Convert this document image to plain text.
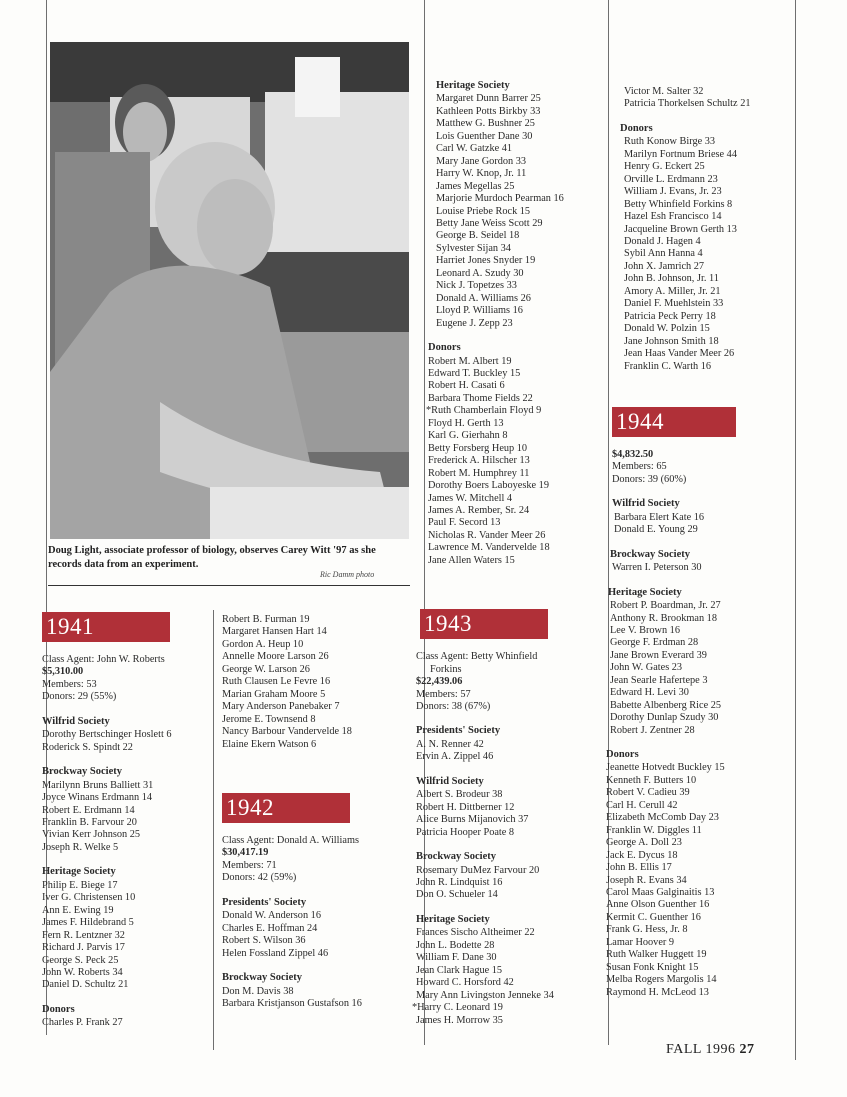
Doug Light, associate professor of biology, observes Carey Witt '97 as she records data from an experiment.
Ric Damm photo
1941
Class Agent: John W. Roberts
$5,310.00
Members: 53
Donors: 29 (55%)
Wilfrid Society
Dorothy Bertschinger Hoslett 6
Roderick S. Spindt 22
Brockway Society
Marilynn Bruns Balliett 31
Joyce Winans Erdmann 14
Robert E. Erdmann 14
Franklin B. Farvour 20
Vivian Kerr Johnson 25
Joseph R. Welke 5
Heritage Society
Philip E. Biege 17
Iver G. Christensen 10
Ann E. Ewing 19
James F. Hildebrand 5
Fern R. Lentzner 32
Richard J. Parvis 17
George S. Peck 25
John W. Roberts 34
Daniel D. Schultz 21
Donors
Charles P. Frank 27
Robert B. Furman 19
Margaret Hansen Hart 14
Gordon A. Heup 10
Annelle Moore Larson 26
George W. Larson 26
Ruth Clausen Le Fevre 16
Marian Graham Moore 5
Mary Anderson Panebaker 7
Jerome E. Townsend 8
Nancy Barbour Vandervelde 18
Elaine Ekern Watson 6
1942
Class Agent: Donald A. Williams
$30,417.19
Members: 71
Donors: 42 (59%)
Presidents' Society
Donald W. Anderson 16
Charles E. Hoffman 24
Robert S. Wilson 36
Helen Fossland Zippel 46
Brockway Society
Don M. Davis 38
Barbara Kristjanson Gustafson 16
Heritage Society
Margaret Dunn Barrer 25
Kathleen Potts Birkby 33
Matthew G. Bushner 25
Lois Guenther Dane 30
Carl W. Gatzke 41
Mary Jane Gordon 33
Harry W. Knop, Jr. 11
James Megellas 25
Marjorie Murdoch Pearman 16
Louise Priebe Rock 15
Betty Jane Weiss Scott 29
George B. Seidel 18
Sylvester Sijan 34
Harriet Jones Snyder 19
Leonard A. Szudy 30
Nick J. Topetzes 33
Donald A. Williams 26
Lloyd P. Williams 16
Eugene J. Zepp 23
Donors
Robert M. Albert 19
Edward T. Buckley 15
Robert H. Casati 6
Barbara Thome Fields 22
*Ruth Chamberlain Floyd 9
Floyd H. Gerth 13
Karl G. Gierhahn 8
Betty Forsberg Heup 10
Frederick A. Hilscher 13
Robert M. Humphrey 11
Dorothy Boers Laboyeske 19
James W. Mitchell 4
James A. Rember, Sr. 24
Paul F. Secord 13
Nicholas R. Vander Meer 26
Lawrence M. Vandervelde 18
Jane Allen Waters 15
1943
Class Agent: Betty Whinfield
Forkins
$22,439.06
Members: 57
Donors: 38 (67%)
Presidents' Society
A. N. Renner 42
Ervin A. Zippel 46
Wilfrid Society
Albert S. Brodeur 38
Robert H. Dittberner 12
Alice Burns Mijanovich 37
Patricia Hooper Poate 8
Brockway Society
Rosemary DuMez Farvour 20
John R. Lindquist 16
Don O. Schueler 14
Heritage Society
Frances Sischo Altheimer 22
John L. Bodette 28
William F. Dane 30
Jean Clark Hague 15
Howard C. Horsford 42
Mary Ann Livingston Jenneke 34
*Harry C. Leonard 19
James H. Morrow 35
Victor M. Salter 32
Patricia Thorkelsen Schultz 21
Donors
Ruth Konow Birge 33
Marilyn Fortnum Briese 44
Henry G. Eckert 25
Orville L. Erdmann 23
William J. Evans, Jr. 23
Betty Whinfield Forkins 8
Hazel Esh Francisco 14
Jacqueline Brown Gerth 13
Donald J. Hagen 4
Sybil Ann Hanna 4
John X. Jamrich 27
John B. Johnson, Jr. 11
Amory A. Miller, Jr. 21
Daniel F. Muehlstein 33
Patricia Peck Perry 18
Donald W. Polzin 15
Jane Johnson Smith 18
Jean Haas Vander Meer 26
Franklin C. Warth 16
1944
$4,832.50
Members: 65
Donors: 39 (60%)
Wilfrid Society
Barbara Elert Kate 16
Donald E. Young 29
Brockway Society
Warren I. Peterson 30
Heritage Society
Robert P. Boardman, Jr. 27
Anthony R. Brookman 18
Lee V. Brown 16
George F. Erdman 28
Jane Brown Everard 39
John W. Gates 23
Jean Searle Hafertepe 3
Edward H. Levi 30
Babette Albenberg Rice 25
Dorothy Dunlap Szudy 30
Robert J. Zentner 28
Donors
Jeanette Hotvedt Buckley 15
Kenneth F. Butters 10
Robert V. Cadieu 39
Carl H. Cerull 42
Elizabeth McComb Day 23
Franklin W. Diggles 11
George A. Doll 23
Jack E. Dycus 18
John B. Ellis 17
Joseph R. Evans 34
Carol Maas Galginaitis 13
Anne Olson Guenther 16
Kermit C. Guenther 16
Frank G. Hess, Jr. 8
Lamar Hoover 9
Ruth Walker Huggett 19
Susan Fonk Knight 15
Melba Rogers Margolis 14
Raymond H. McLeod 13
FALL 1996 27
